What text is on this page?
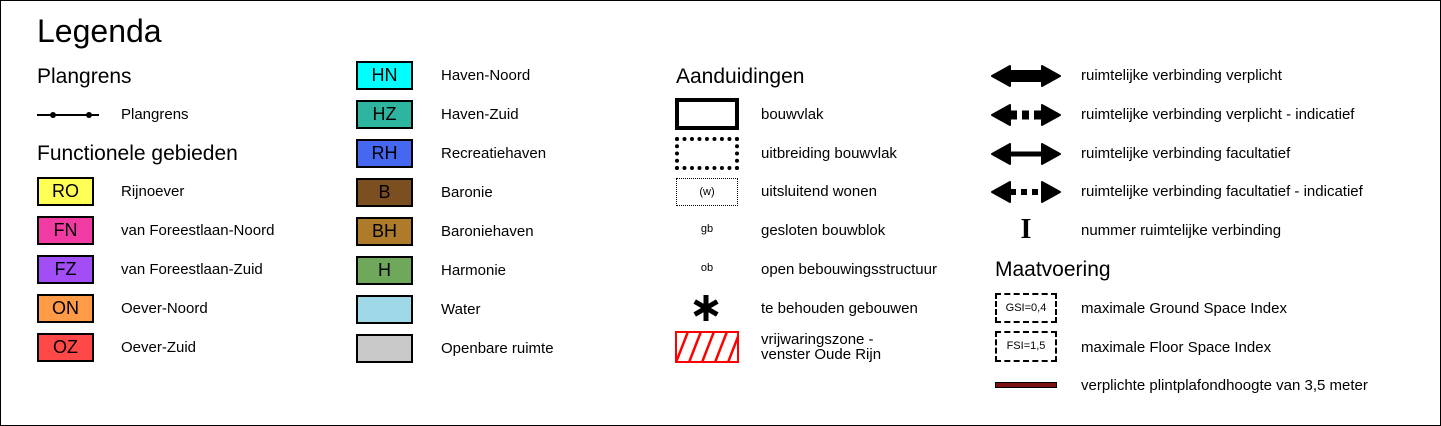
Legenda
Plangrens
Plangrens
Functionele gebieden
RO	Rijnoever
FN	van Foreestlaan-Noord
FZ	van Foreestlaan-Zuid
ON	Oever-Noord
OZ	Oever-Zuid
HN	Haven-Noord
HZ	Haven-Zuid
RH	Recreatiehaven
B	Baronie
BH	Baroniehaven
H	Harmonie
Water
Openbare ruimte
Aanduidingen
bouwvlak
uitbreiding bouwvlak
(w)	uitsluitend wonen
gb	gesloten bouwblok
ob	open bebouwingsstructuur
te behouden gebouwen
vrijwaringszone -
venster Oude Rijn
ruimtelijke verbinding verplicht
ruimtelijke verbinding verplicht - indicatief
ruimtelijke verbinding facultatief
ruimtelijke verbinding facultatief - indicatief
I	nummer ruimtelijke verbinding
Maatvoering
GSI=0,4	maximale Ground Space Index
FSI=1,5	maximale Floor Space Index
verplichte plintplafondhoogte van 3,5 meter
